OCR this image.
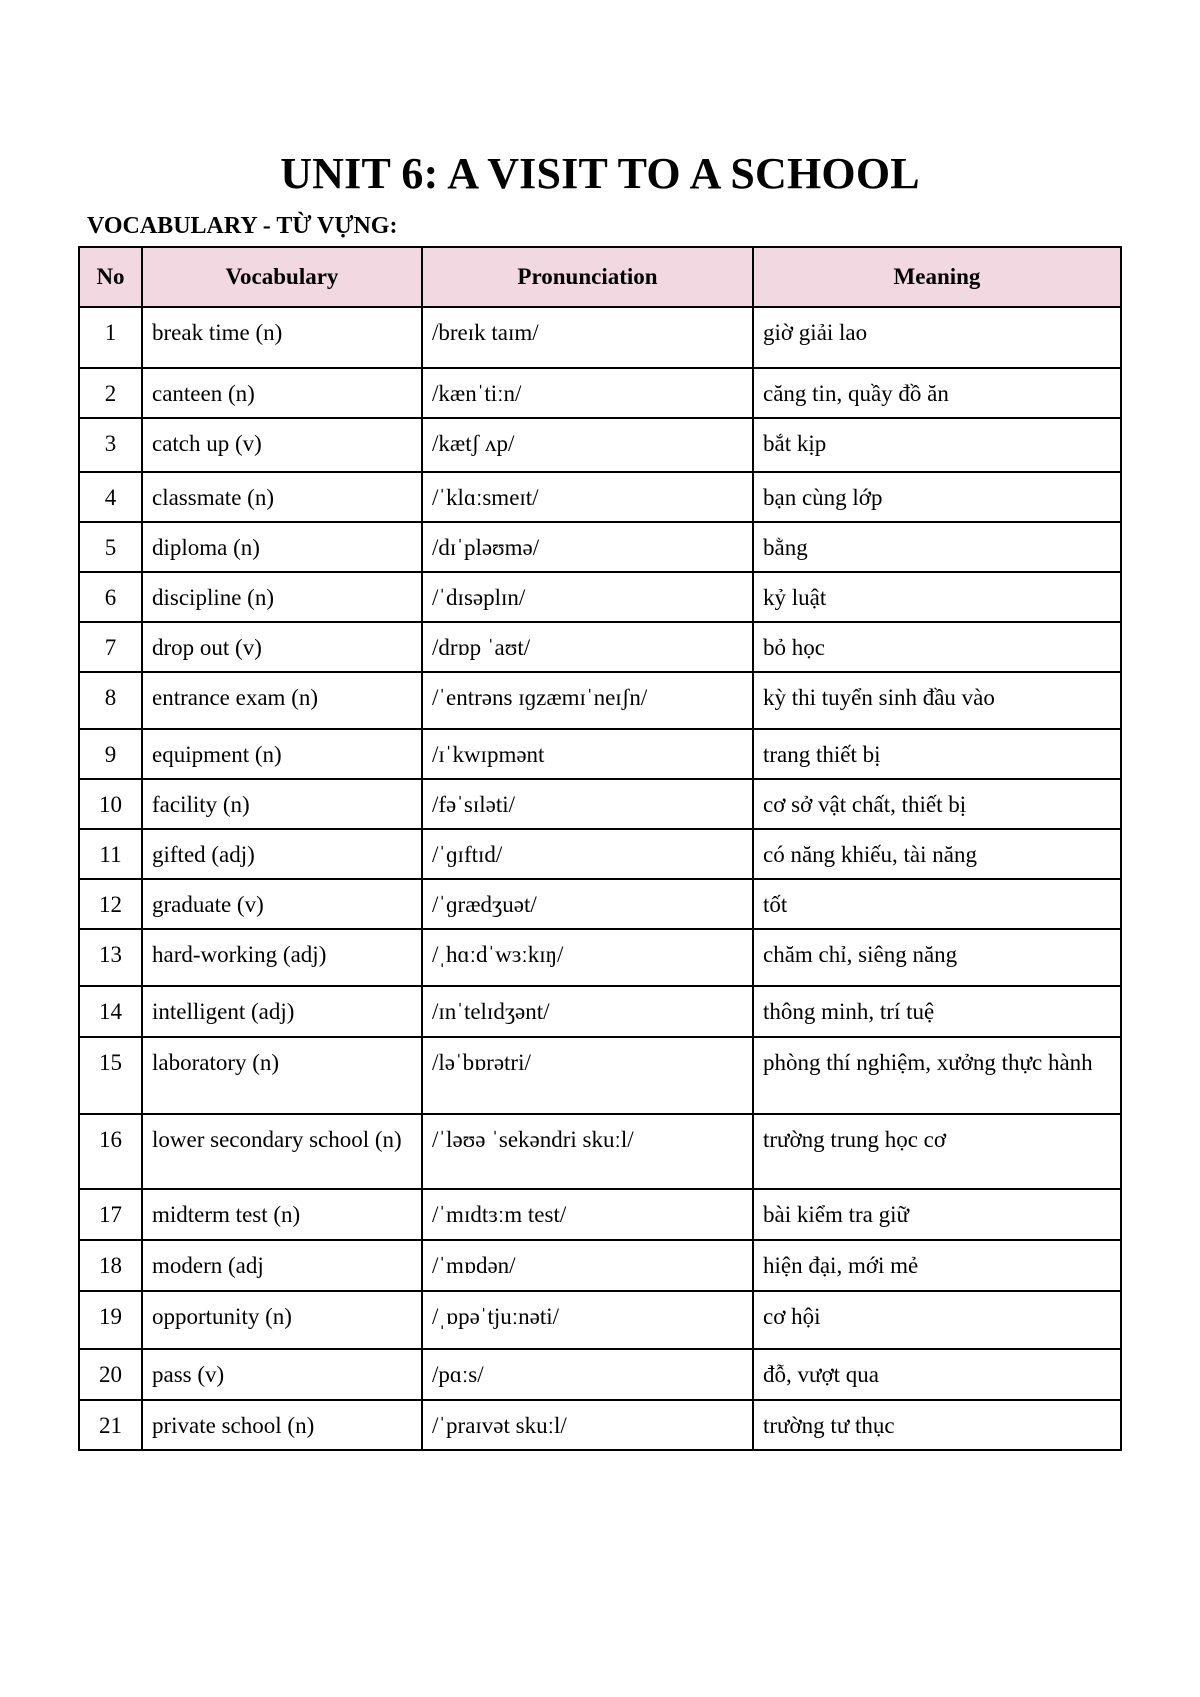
UNIT 6: A VISIT TO A SCHOOL
VOCABULARY - TỪ VỰNG:
No	Vocabulary	Pronunciation	Meaning
1	break time (n)	/breɪk taɪm/	giờ giải lao
2	canteen (n)	/kænˈtiːn/	căng tin, quầy đồ ăn
3	catch up (v)	/kætʃ ʌp/	bắt kịp
4	classmate (n)	/ˈklɑːsmeɪt/	bạn cùng lớp
5	diploma (n)	/dɪˈpləʊmə/	bằng
6	discipline (n)	/ˈdɪsəplɪn/	kỷ luật
7	drop out (v)	/drɒp ˈaʊt/	bỏ học
8	entrance exam (n)	/ˈentrəns ɪɡzæmɪˈneɪʃn/	kỳ thi tuyển sinh đầu vào
9	equipment (n)	/ɪˈkwɪpmənt	trang thiết bị
10	facility (n)	/fəˈsɪləti/	cơ sở vật chất, thiết bị
11	gifted (adj)	/ˈɡɪftɪd/	có năng khiếu, tài năng
12	graduate (v)	/ˈɡrædʒuət/	tốt
13	hard-working (adj)	/ˌhɑːdˈwɜːkɪŋ/	chăm chỉ, siêng năng
14	intelligent (adj)	/ɪnˈtelɪdʒənt/	thông minh, trí tuệ
15	laboratory (n)	/ləˈbɒrətri/	phòng thí nghiệm, xưởng thực hành
16	lower secondary school (n)	/ˈləʊə ˈsekəndri skuːl/	trường trung học cơ
17	midterm test (n)	/ˈmɪdtɜːm test/	bài kiểm tra giữ
18	modern (adj	/ˈmɒdən/	hiện đại, mới mẻ
19	opportunity (n)	/ˌɒpəˈtjuːnəti/	cơ hội
20	pass (v)	/pɑːs/	đỗ, vượt qua
21	private school (n)	/ˈpraɪvət skuːl/	trường tư thục
